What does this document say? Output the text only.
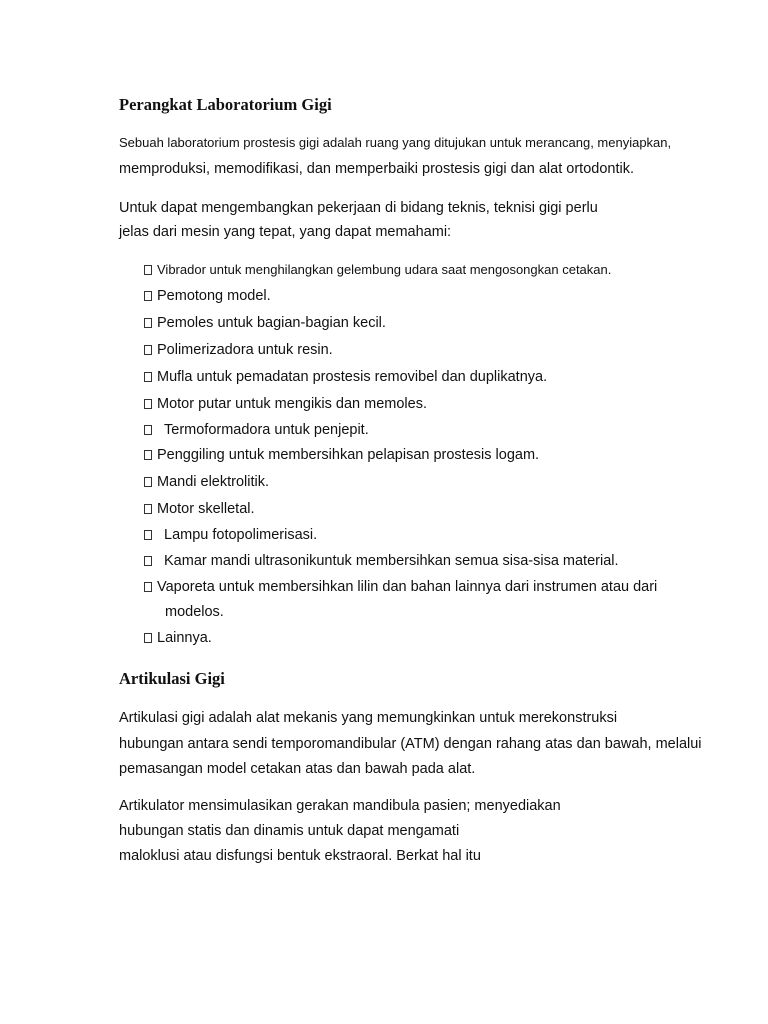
Perangkat Laboratorium Gigi
Sebuah laboratorium prostesis gigi adalah ruang yang ditujukan untuk merancang, menyiapkan,
memproduksi, memodifikasi, dan memperbaiki prostesis gigi dan alat ortodontik.
Untuk dapat mengembangkan pekerjaan di bidang teknis, teknisi gigi perlu
jelas dari mesin yang tepat, yang dapat memahami:
Vibrador untuk menghilangkan gelembung udara saat mengosongkan cetakan.
Pemotong model.
Pemoles untuk bagian-bagian kecil.
Polimerizadora untuk resin.
Mufla untuk pemadatan prostesis removibel dan duplikatnya.
Motor putar untuk mengikis dan memoles.
Termoformadora untuk penjepit.
Penggiling untuk membersihkan pelapisan prostesis logam.
Mandi elektrolitik.
Motor skelletal.
Lampu fotopolimerisasi.
Kamar mandi ultrasonikuntuk membersihkan semua sisa-sisa material.
Vaporeta untuk membersihkan lilin dan bahan lainnya dari instrumen atau dari
modelos.
Lainnya.
Artikulasi Gigi
Artikulasi gigi adalah alat mekanis yang memungkinkan untuk merekonstruksi
hubungan antara sendi temporomandibular (ATM) dengan rahang atas dan bawah, melalui
pemasangan model cetakan atas dan bawah pada alat.
Artikulator mensimulasikan gerakan mandibula pasien; menyediakan
hubungan statis dan dinamis untuk dapat mengamati
maloklusi atau disfungsi bentuk ekstraoral. Berkat hal itu
